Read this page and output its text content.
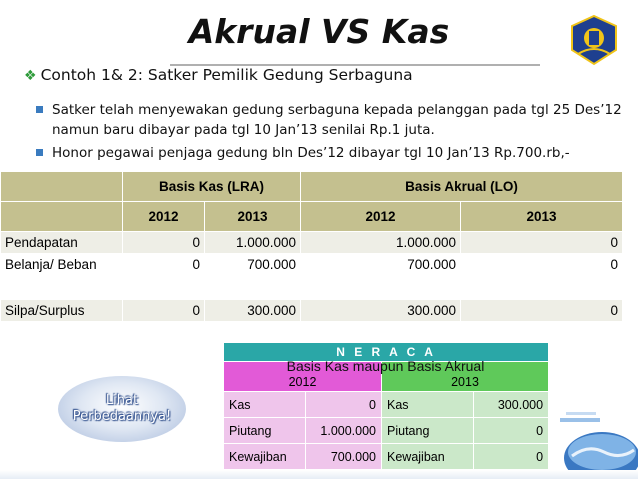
Akrual VS Kas
❖ Contoh 1& 2: Satker Pemilik Gedung Serbaguna
Satker telah menyewakan gedung serbaguna kepada pelanggan pada tgl 25 Des’12 namun baru dibayar pada tgl 10 Jan’13 senilai Rp.1 juta.
Honor pegawai penjaga gedung bln Des’12 dibayar tgl 10 Jan’13 Rp.700.rb,-
	Basis Kas (LRA)		Basis Akrual (LO)	
	2012	2013	2012	2013
Pendapatan	0	1.000.000	1.000.000	0
Belanja/ Beban	0	700.000	700.000	0
Silpa/Surplus	0	300.000	300.000	0
N E R A C A			
2012		2013	
Kas	0	Kas	300.000
Piutang	1.000.000	Piutang	0
Kewajiban	700.000	Kewajiban	0
Basis Kas maupun Basis Akrual
Lihat
Perbedaannya!
